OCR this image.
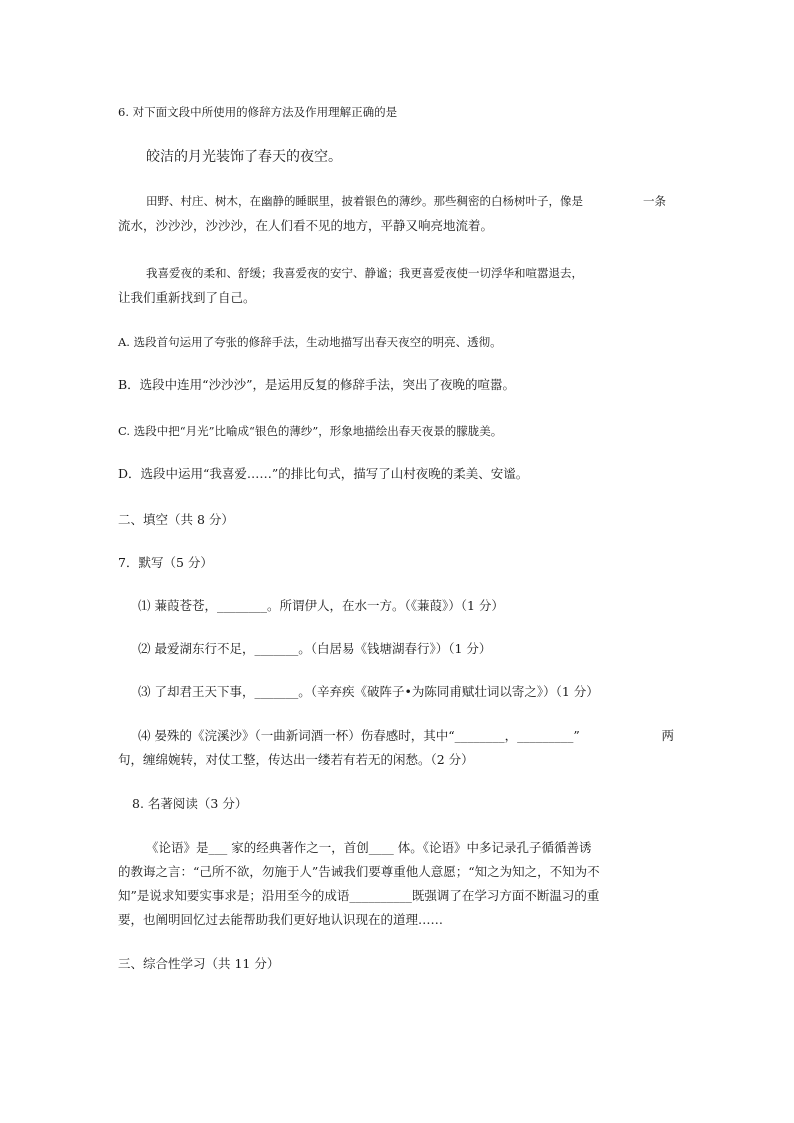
6. 对下面文段中所使用的修辞方法及作用理解正确的是
皎洁的月光装饰了春天的夜空。
田野、村庄、树木，在幽静的睡眠里，披着银色的薄纱。那些稠密的白杨树叶子，像是	一条
流水，沙沙沙，沙沙沙，在人们看不见的地方，平静又响亮地流着。
我喜爱夜的柔和、舒缓；我喜爱夜的安宁、静谧；我更喜爱夜使一切浮华和喧嚣退去，
让我们重新找到了自己。
A. 选段首句运用了夸张的修辞手法，生动地描写出春天夜空的明亮、透彻。
B．选段中连用“沙沙沙”，是运用反复的修辞手法，突出了夜晚的喧嚣。
C. 选段中把“月光”比喻成“银色的薄纱”，形象地描绘出春天夜景的朦胧美。
D．选段中运用“我喜爱……”的排比句式，描写了山村夜晚的柔美、安谧。
二、填空（共 8 分）
7．默写（5 分）
⑴ 蒹葭苍苍，________。所谓伊人，在水一方。（《蒹葭》）（1 分）
⑵ 最爱湖东行不足，_______。（白居易《钱塘湖春行》）（1 分）
⑶ 了却君王天下事，_______。（辛弃疾《破阵子•为陈同甫赋壮词以寄之》）（1 分）
⑷ 晏殊的《浣溪沙》（一曲新词酒一杯）伤春感时，其中“________，_________”	两
句，缠绵婉转，对仗工整，传达出一缕若有若无的闲愁。（2 分）
8. 名著阅读（3 分）
《论语》是___ 家的经典著作之一，首创____ 体。《论语》中多记录孔子循循善诱
的教诲之言：“己所不欲，勿施于人”告诫我们要尊重他人意愿；“知之为知之，不知为不
知”是说求知要实事求是；沿用至今的成语__________既强调了在学习方面不断温习的重
要，也阐明回忆过去能帮助我们更好地认识现在的道理……
三、综合性学习（共 11 分）
